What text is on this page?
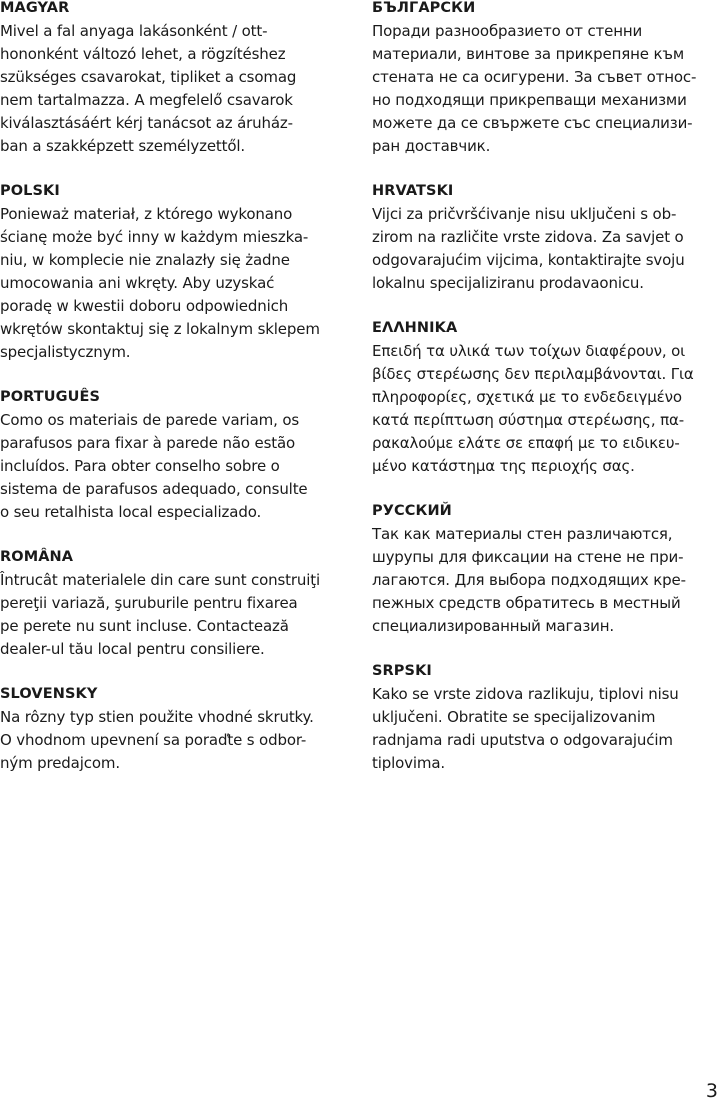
MAGYAR
Mivel a fal anyaga lakásonként / ott-
hononként változó lehet, a rögzítéshez
szükséges csavarokat, tipliket a csomag
nem tartalmazza. A megfelelő csavarok
kiválasztásáért kérj tanácsot az áruház-
ban a szakképzett személyzettől.
POLSKI
Ponieważ materiał, z którego wykonano
ścianę może być inny w każdym mieszka-
niu, w komplecie nie znalazły się żadne
umocowania ani wkręty. Aby uzyskać
poradę w kwestii doboru odpowiednich
wkrętów skontaktuj się z lokalnym sklepem
specjalistycznym.
PORTUGUÊS
Como os materiais de parede variam, os
parafusos para fixar à parede não estão
incluídos. Para obter conselho sobre o
sistema de parafusos adequado, consulte
o seu retalhista local especializado.
ROMÂNA
Întrucât materialele din care sunt construiţi
pereţii variază, şuruburile pentru fixarea
pe perete nu sunt incluse. Contactează
dealer-ul tău local pentru consiliere.
SLOVENSKY
Na rôzny typ stien použite vhodné skrutky.
O vhodnom upevnení sa poraďte s odbor-
ným predajcom.
БЪЛГАРСКИ
Поради разнообразието от стенни
материали, винтове за прикрепяне към
стената не са осигурени. За съвет относ-
но подходящи прикрепващи механизми
можете да се свържете със специализи-
ран доставчик.
HRVATSKI
Vijci za pričvršćivanje nisu uključeni s ob-
zirom na različite vrste zidova. Za savjet o
odgovarajućim vijcima, kontaktirajte svoju
lokalnu specijaliziranu prodavaonicu.
ΕΛΛΗΝΙΚΑ
Επειδή τα υλικά των τοίχων διαφέρουν, οι
βίδες στερέωσης δεν περιλαμβάνονται. Για
πληροφορίες, σχετικά με το ενδεδειγμένο
κατά περίπτωση σύστημα στερέωσης, πα-
ρακαλούμε ελάτε σε επαφή με το ειδικευ-
μένο κατάστημα της περιοχής σας.
РУССКИЙ
Так как материалы стен различаются,
шурупы для фиксации на стене не при-
лагаются. Для выбора подходящих кре-
пежных средств обратитесь в местный
специализированный магазин.
SRPSKI
Kako se vrste zidova razlikuju, tiplovi nisu
uključeni. Obratite se specijalizovanim
radnjama radi uputstva o odgovarajućim
tiplovima.
3
